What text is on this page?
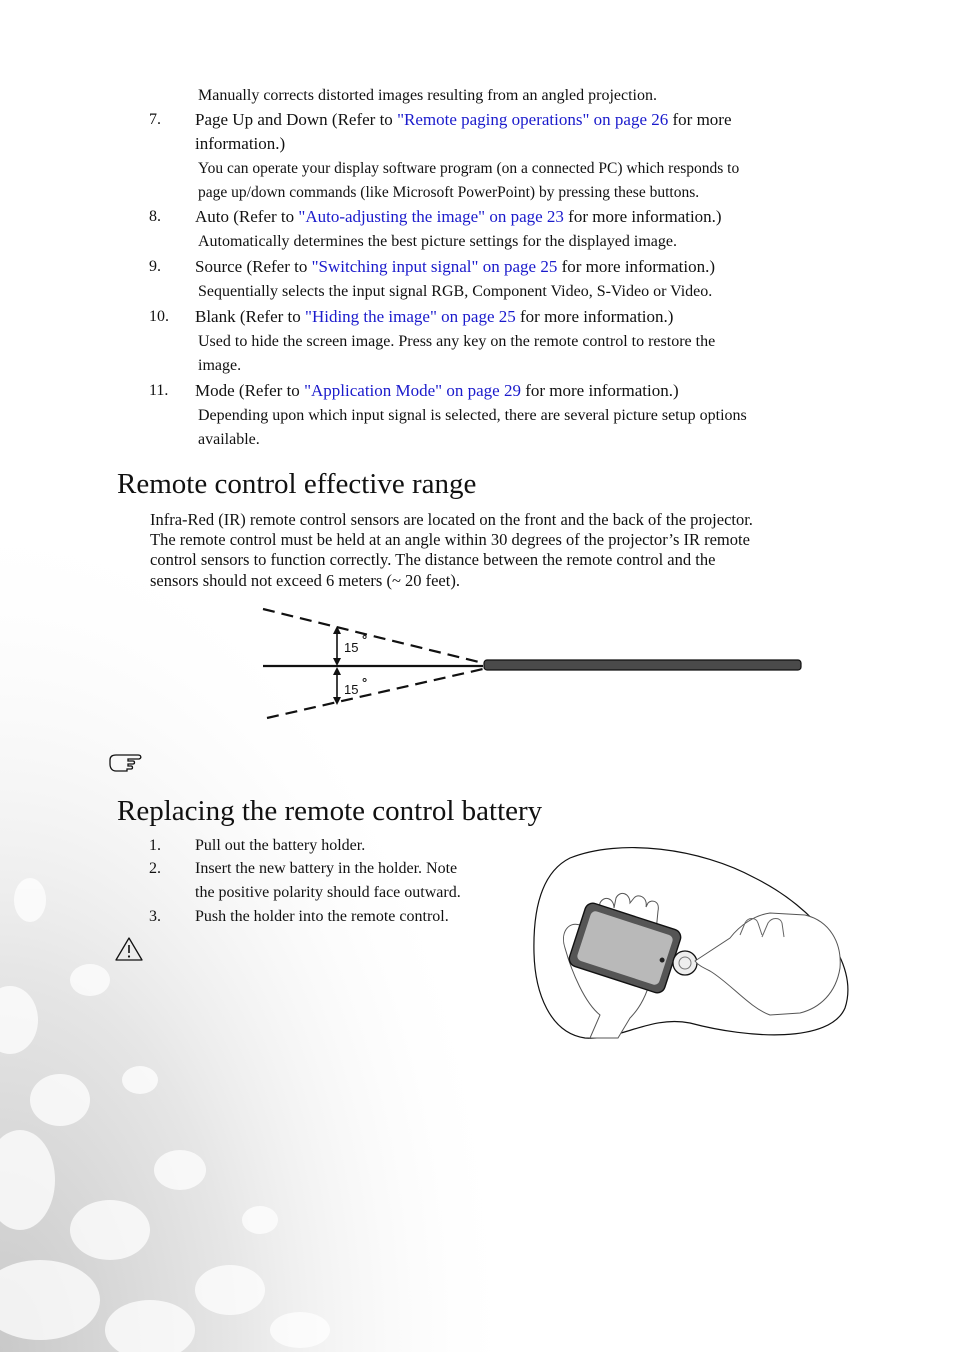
Manually corrects distorted images resulting from an angled projection.
7. Page Up and Down (Refer to "Remote paging operations" on page 26 for more
information.)
You can operate your display software program (on a connected PC) which responds to
page up/down commands (like Microsoft PowerPoint) by pressing these buttons.
8. Auto (Refer to "Auto-adjusting the image" on page 23 for more information.)
Automatically determines the best picture settings for the displayed image.
9. Source (Refer to "Switching input signal" on page 25 for more information.)
Sequentially selects the input signal RGB, Component Video, S-Video or Video.
10. Blank (Refer to "Hiding the image" on page 25 for more information.)
Used to hide the screen image. Press any key on the remote control to restore the
image.
11. Mode (Refer to "Application Mode" on page 29 for more information.)
Depending upon which input signal is selected, there are several picture setup options
available.
Remote control effective range
Infra-Red (IR) remote control sensors are located on the front and the back of the projector.
The remote control must be held at an angle within 30 degrees of the projector’s IR remote
control sensors to function correctly. The distance between the remote control and the
sensors should not exceed 6 meters (~ 20 feet).
15
°
15 °
Replacing the remote control battery
1. Pull out the battery holder.
2. Insert the new battery in the holder. Note
the positive polarity should face outward.
3. Push the holder into the remote control.
